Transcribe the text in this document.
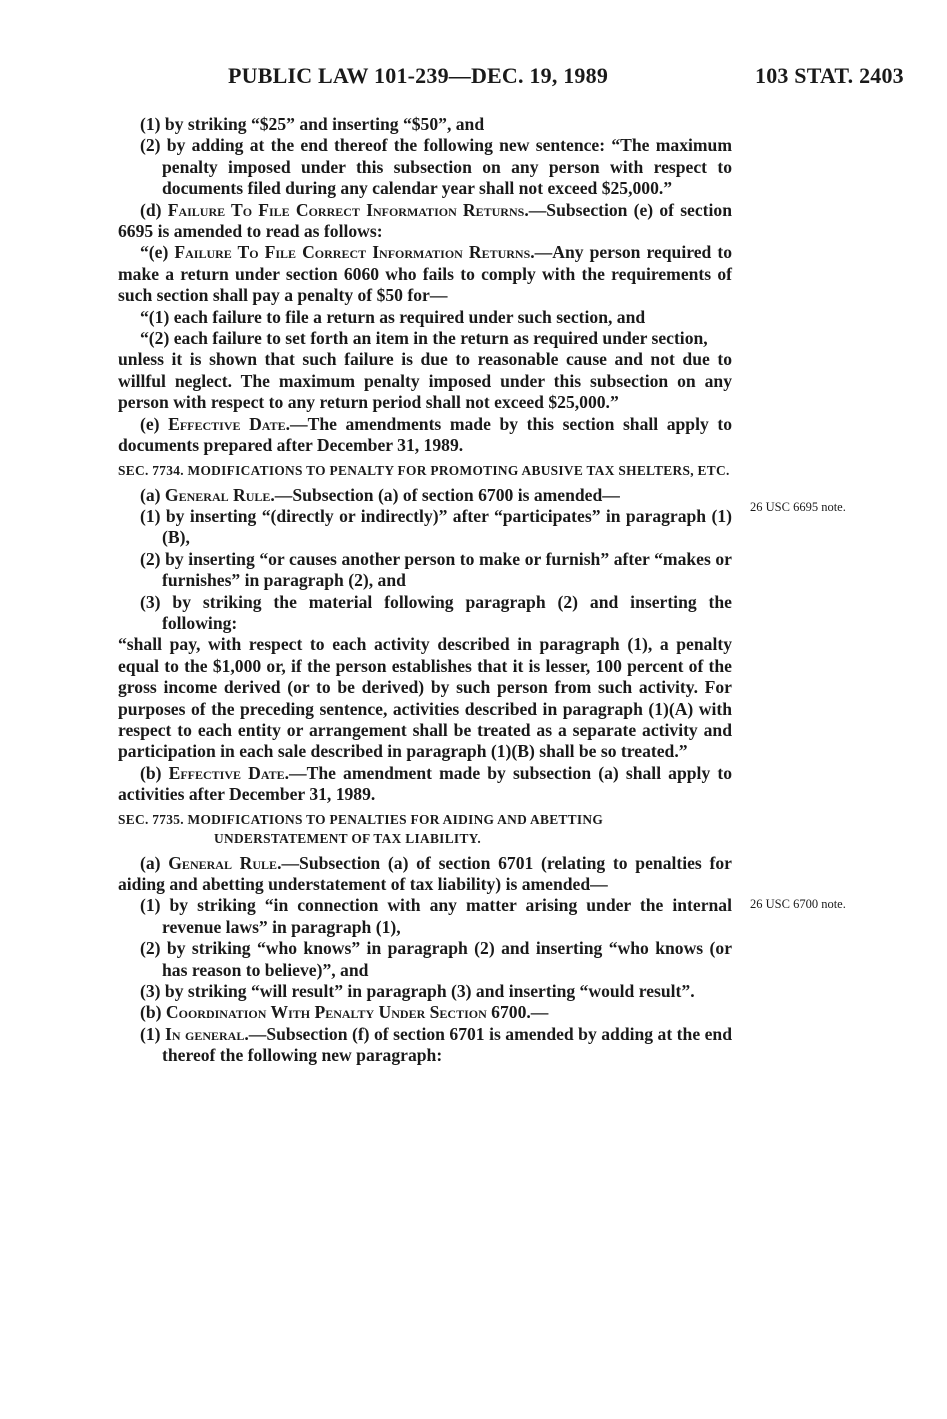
PUBLIC LAW 101-239—DEC. 19, 1989	103 STAT. 2403

(1) by striking “$25” and inserting “$50”, and

(2) by adding at the end thereof the following new sentence: “The maximum penalty imposed under this subsection on any person with respect to documents filed during any calendar year shall not exceed $25,000.”

(d) Failure To File Correct Information Returns.—Subsection (e) of section 6695 is amended to read as follows:

“(e) Failure To File Correct Information Returns.—Any person required to make a return under section 6060 who fails to comply with the requirements of such section shall pay a penalty of $50 for—

“(1) each failure to file a return as required under such section, and

“(2) each failure to set forth an item in the return as required under section,

unless it is shown that such failure is due to reasonable cause and not due to willful neglect. The maximum penalty imposed under this subsection on any person with respect to any return period shall not exceed $25,000.”

(e) Effective Date.—The amendments made by this section shall apply to documents prepared after December 31, 1989.

SEC. 7734. MODIFICATIONS TO PENALTY FOR PROMOTING ABUSIVE TAX SHELTERS, ETC.

(a) General Rule.—Subsection (a) of section 6700 is amended—

(1) by inserting “(directly or indirectly)” after “participates” in paragraph (1)(B),

(2) by inserting “or causes another person to make or furnish” after “makes or furnishes” in paragraph (2), and

(3) by striking the material following paragraph (2) and inserting the following:

“shall pay, with respect to each activity described in paragraph (1), a penalty equal to the $1,000 or, if the person establishes that it is lesser, 100 percent of the gross income derived (or to be derived) by such person from such activity. For purposes of the preceding sentence, activities described in paragraph (1)(A) with respect to each entity or arrangement shall be treated as a separate activity and participation in each sale described in paragraph (1)(B) shall be so treated.”

(b) Effective Date.—The amendment made by subsection (a) shall apply to activities after December 31, 1989.

SEC. 7735. MODIFICATIONS TO PENALTIES FOR AIDING AND ABETTING UNDERSTATEMENT OF TAX LIABILITY.

(a) General Rule.—Subsection (a) of section 6701 (relating to penalties for aiding and abetting understatement of tax liability) is amended—

(1) by striking “in connection with any matter arising under the internal revenue laws” in paragraph (1),

(2) by striking “who knows” in paragraph (2) and inserting “who knows (or has reason to believe)”, and

(3) by striking “will result” in paragraph (3) and inserting “would result”.

(b) Coordination With Penalty Under Section 6700.—

(1) In general.—Subsection (f) of section 6701 is amended by adding at the end thereof the following new paragraph:

26 USC 6695 note.
26 USC 6700 note.
